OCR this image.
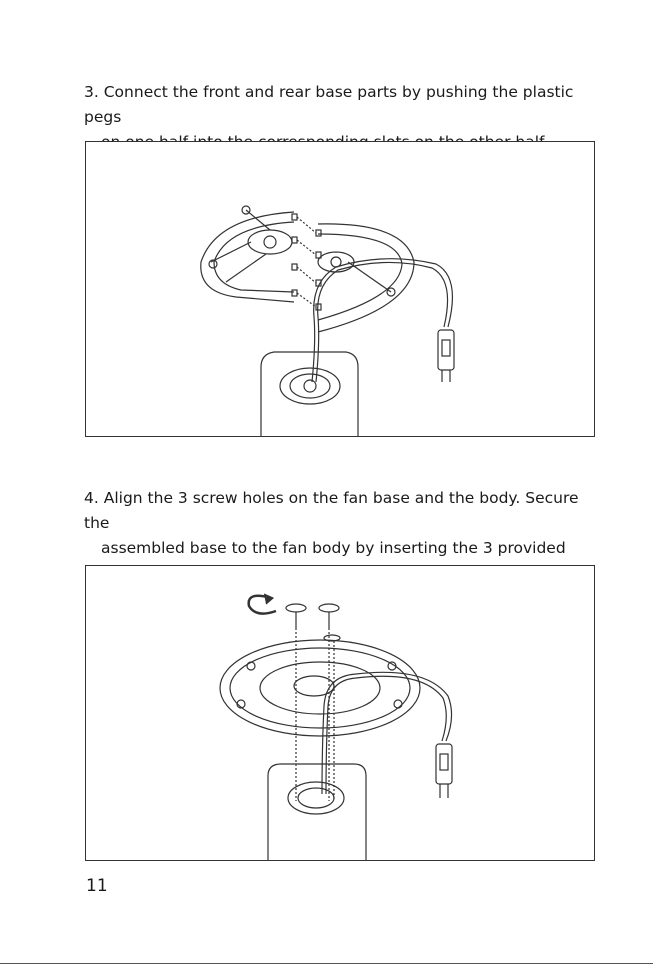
3. Connect the front and rear base parts by pushing the plastic pegs
4. Align the 3 screw holes on the fan base and the body. Secure the
assembled base to the fan body by inserting the 3 provided
11
